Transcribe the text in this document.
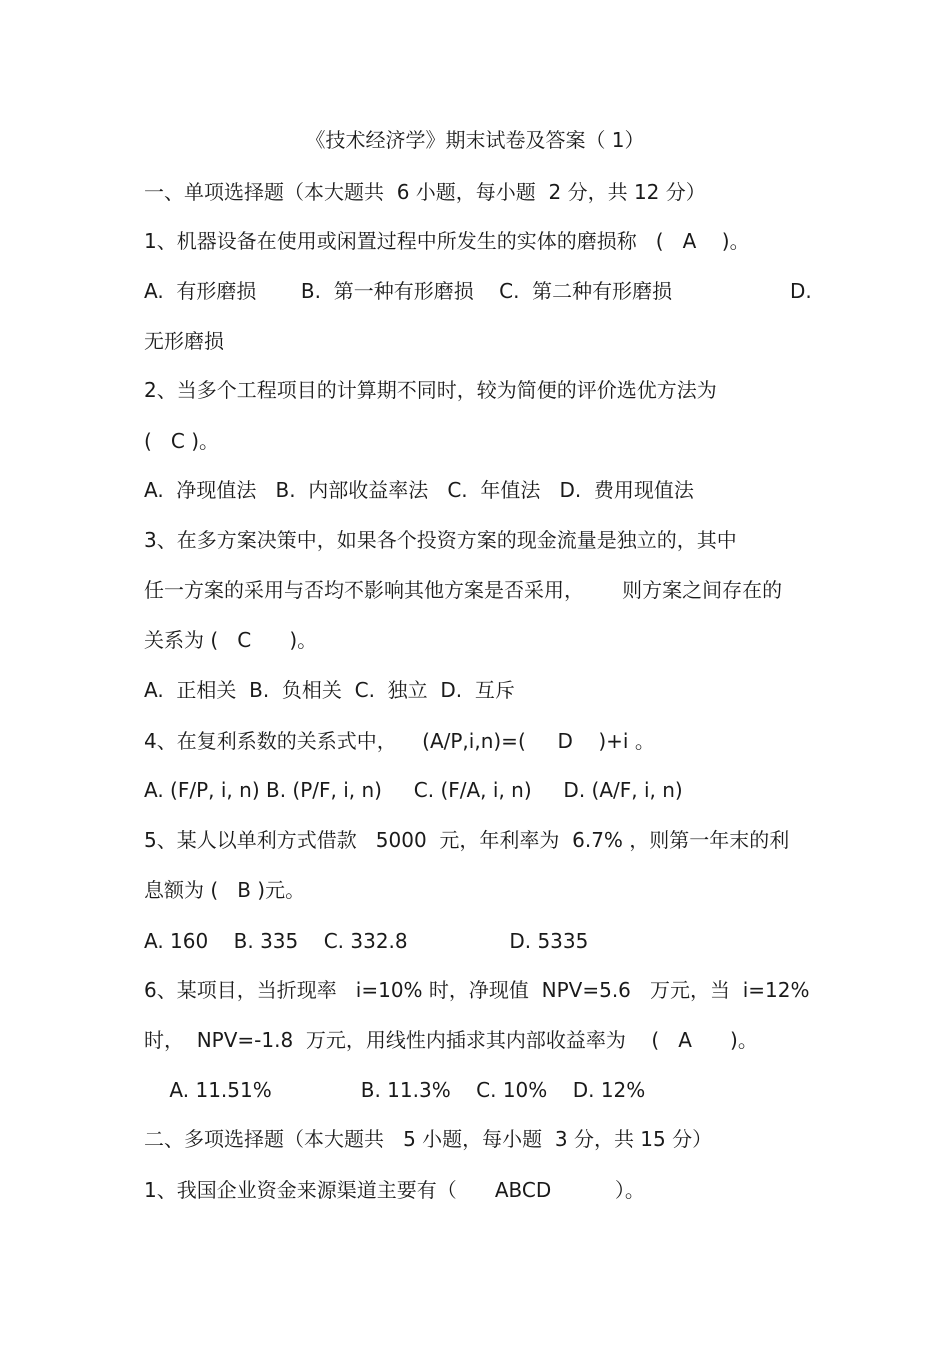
《技术经济学》期末试卷及答案（ 1）

一、单项选择题（本大题共  6 小题，每小题  2 分，共 12 分）

1、机器设备在使用或闲置过程中所发生的实体的磨损称   (   A    )。

A.  有形磨损       B.  第一种有形磨损    C.  第二种有形磨损	D.

无形磨损

2、当多个工程项目的计算期不同时，较为简便的评价选优方法为

(   C )。

A.  净现值法   B.  内部收益率法   C.  年值法   D.  费用现值法

3、在多方案决策中，如果各个投资方案的现金流量是独立的，其中

任一方案的采用与否均不影响其他方案是否采用，      则方案之间存在的

关系为 (   C      )。

A.  正相关  B.  负相关  C.  独立  D.  互斥

4、在复利系数的关系式中，    (A/P,i,n)=(     D    )+i 。

A. (F/P, i, n) B. (P/F, i, n)     C. (F/A, i, n)     D. (A/F, i, n)

5、某人以单利方式借款   5000  元，年利率为  6.7% ，则第一年末的利

息额为 (   B )元。

A. 160    B. 335    C. 332.8                D. 5335

6、某项目，当折现率   i=10% 时，净现值  NPV=5.6   万元，当  i=12%

时，  NPV=-1.8  万元，用线性内插求其内部收益率为    (   A      )。

A. 11.51%              B. 11.3%    C. 10%    D. 12%

二、多项选择题（本大题共   5 小题，每小题  3 分，共 15 分）

1、我国企业资金来源渠道主要有（      ABCD          ）。
